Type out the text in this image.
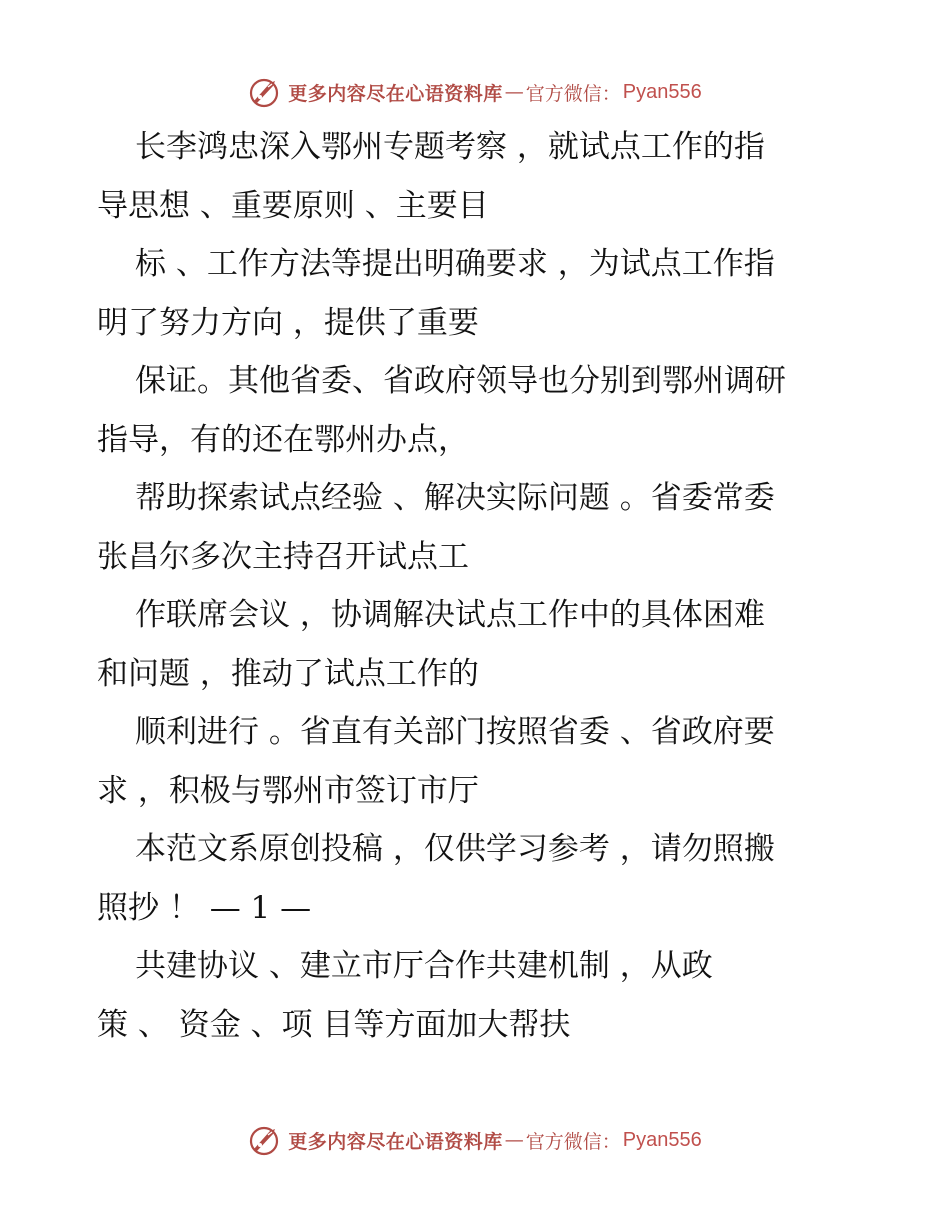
更多内容尽在心语资料库 — 官方微信： Pyan556
长李鸿忠深入鄂州专题考察 ，就试点工作的指
导思想 、重要原则 、主要目
标 、工作方法等提出明确要求 ，为试点工作指
明了努力方向 ，提供了重要
保证。其他省委、省政府领导也分别到鄂州调研
指导，有的还在鄂州办点，
帮助探索试点经验 、解决实际问题 。省委常委
张昌尔多次主持召开试点工
作联席会议 ，协调解决试点工作中的具体困难
和问题 ，推动了试点工作的
顺利进行 。省直有关部门按照省委 、省政府要
求 ，积极与鄂州市签订市厅
本范文系原创投稿 ，仅供学习参考 ，请勿照搬
照抄 ！ — 1 —
共建协议 、建立市厅合作共建机制 ，从政
策 、 资金 、项 目等方面加大帮扶
更多内容尽在心语资料库 — 官方微信： Pyan556
